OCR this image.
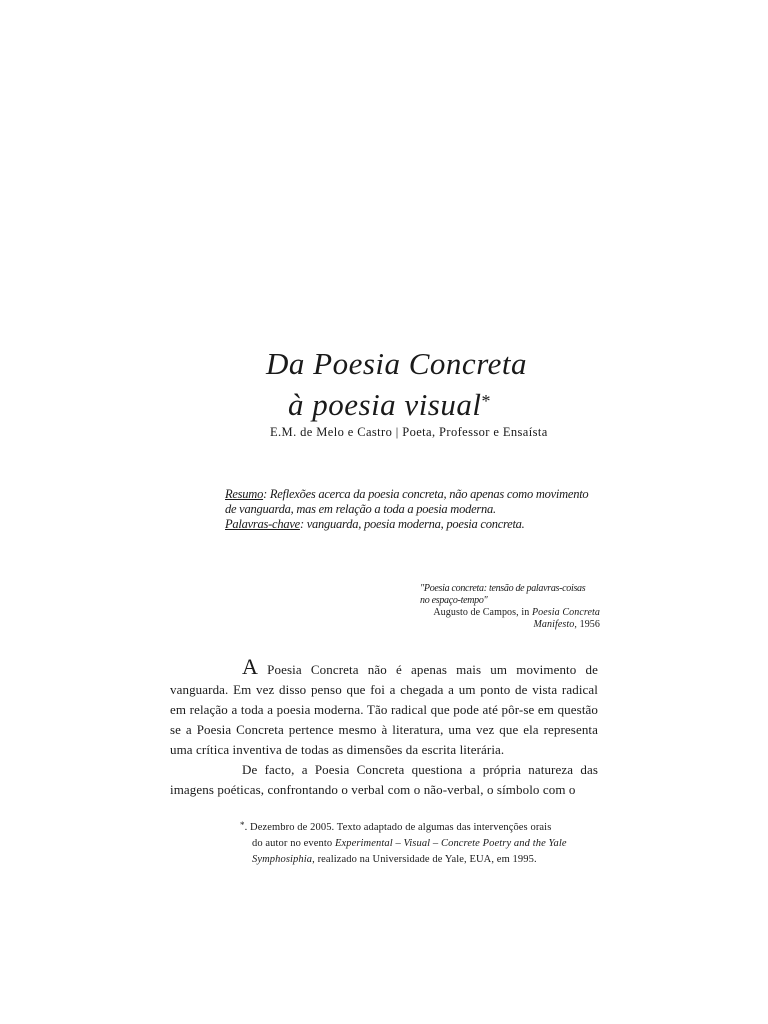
Da Poesia Concreta
à poesia visual*
E.M. de Melo e Castro | Poeta, Professor e Ensaísta
Resumo: Reflexões acerca da poesia concreta, não apenas como movimento
de vanguarda, mas em relação a toda a poesia moderna.
Palavras-chave: vanguarda, poesia moderna, poesia concreta.
"Poesia concreta: tensão de palavras-coisas
no espaço-tempo"
Augusto de Campos, in Poesia Concreta
Manifesto, 1956

A Poesia Concreta não é apenas mais um movimento de vanguarda. Em vez disso penso que foi a chegada a um ponto de vista radical em relação a toda a poesia moderna. Tão radical que pode até pôr-se em questão se a Poesia Concreta pertence mesmo à literatura, uma vez que ela representa uma crítica inventiva de todas as dimensões da escrita literária.

De facto, a Poesia Concreta questiona a própria natureza das imagens poéticas, confrontando o verbal com o não-verbal, o símbolo com o

*. Dezembro de 2005. Texto adaptado de algumas das intervenções orais
do autor no evento Experimental – Visual – Concrete Poetry and the Yale
Symphosiphia, realizado na Universidade de Yale, EUA, em 1995.
